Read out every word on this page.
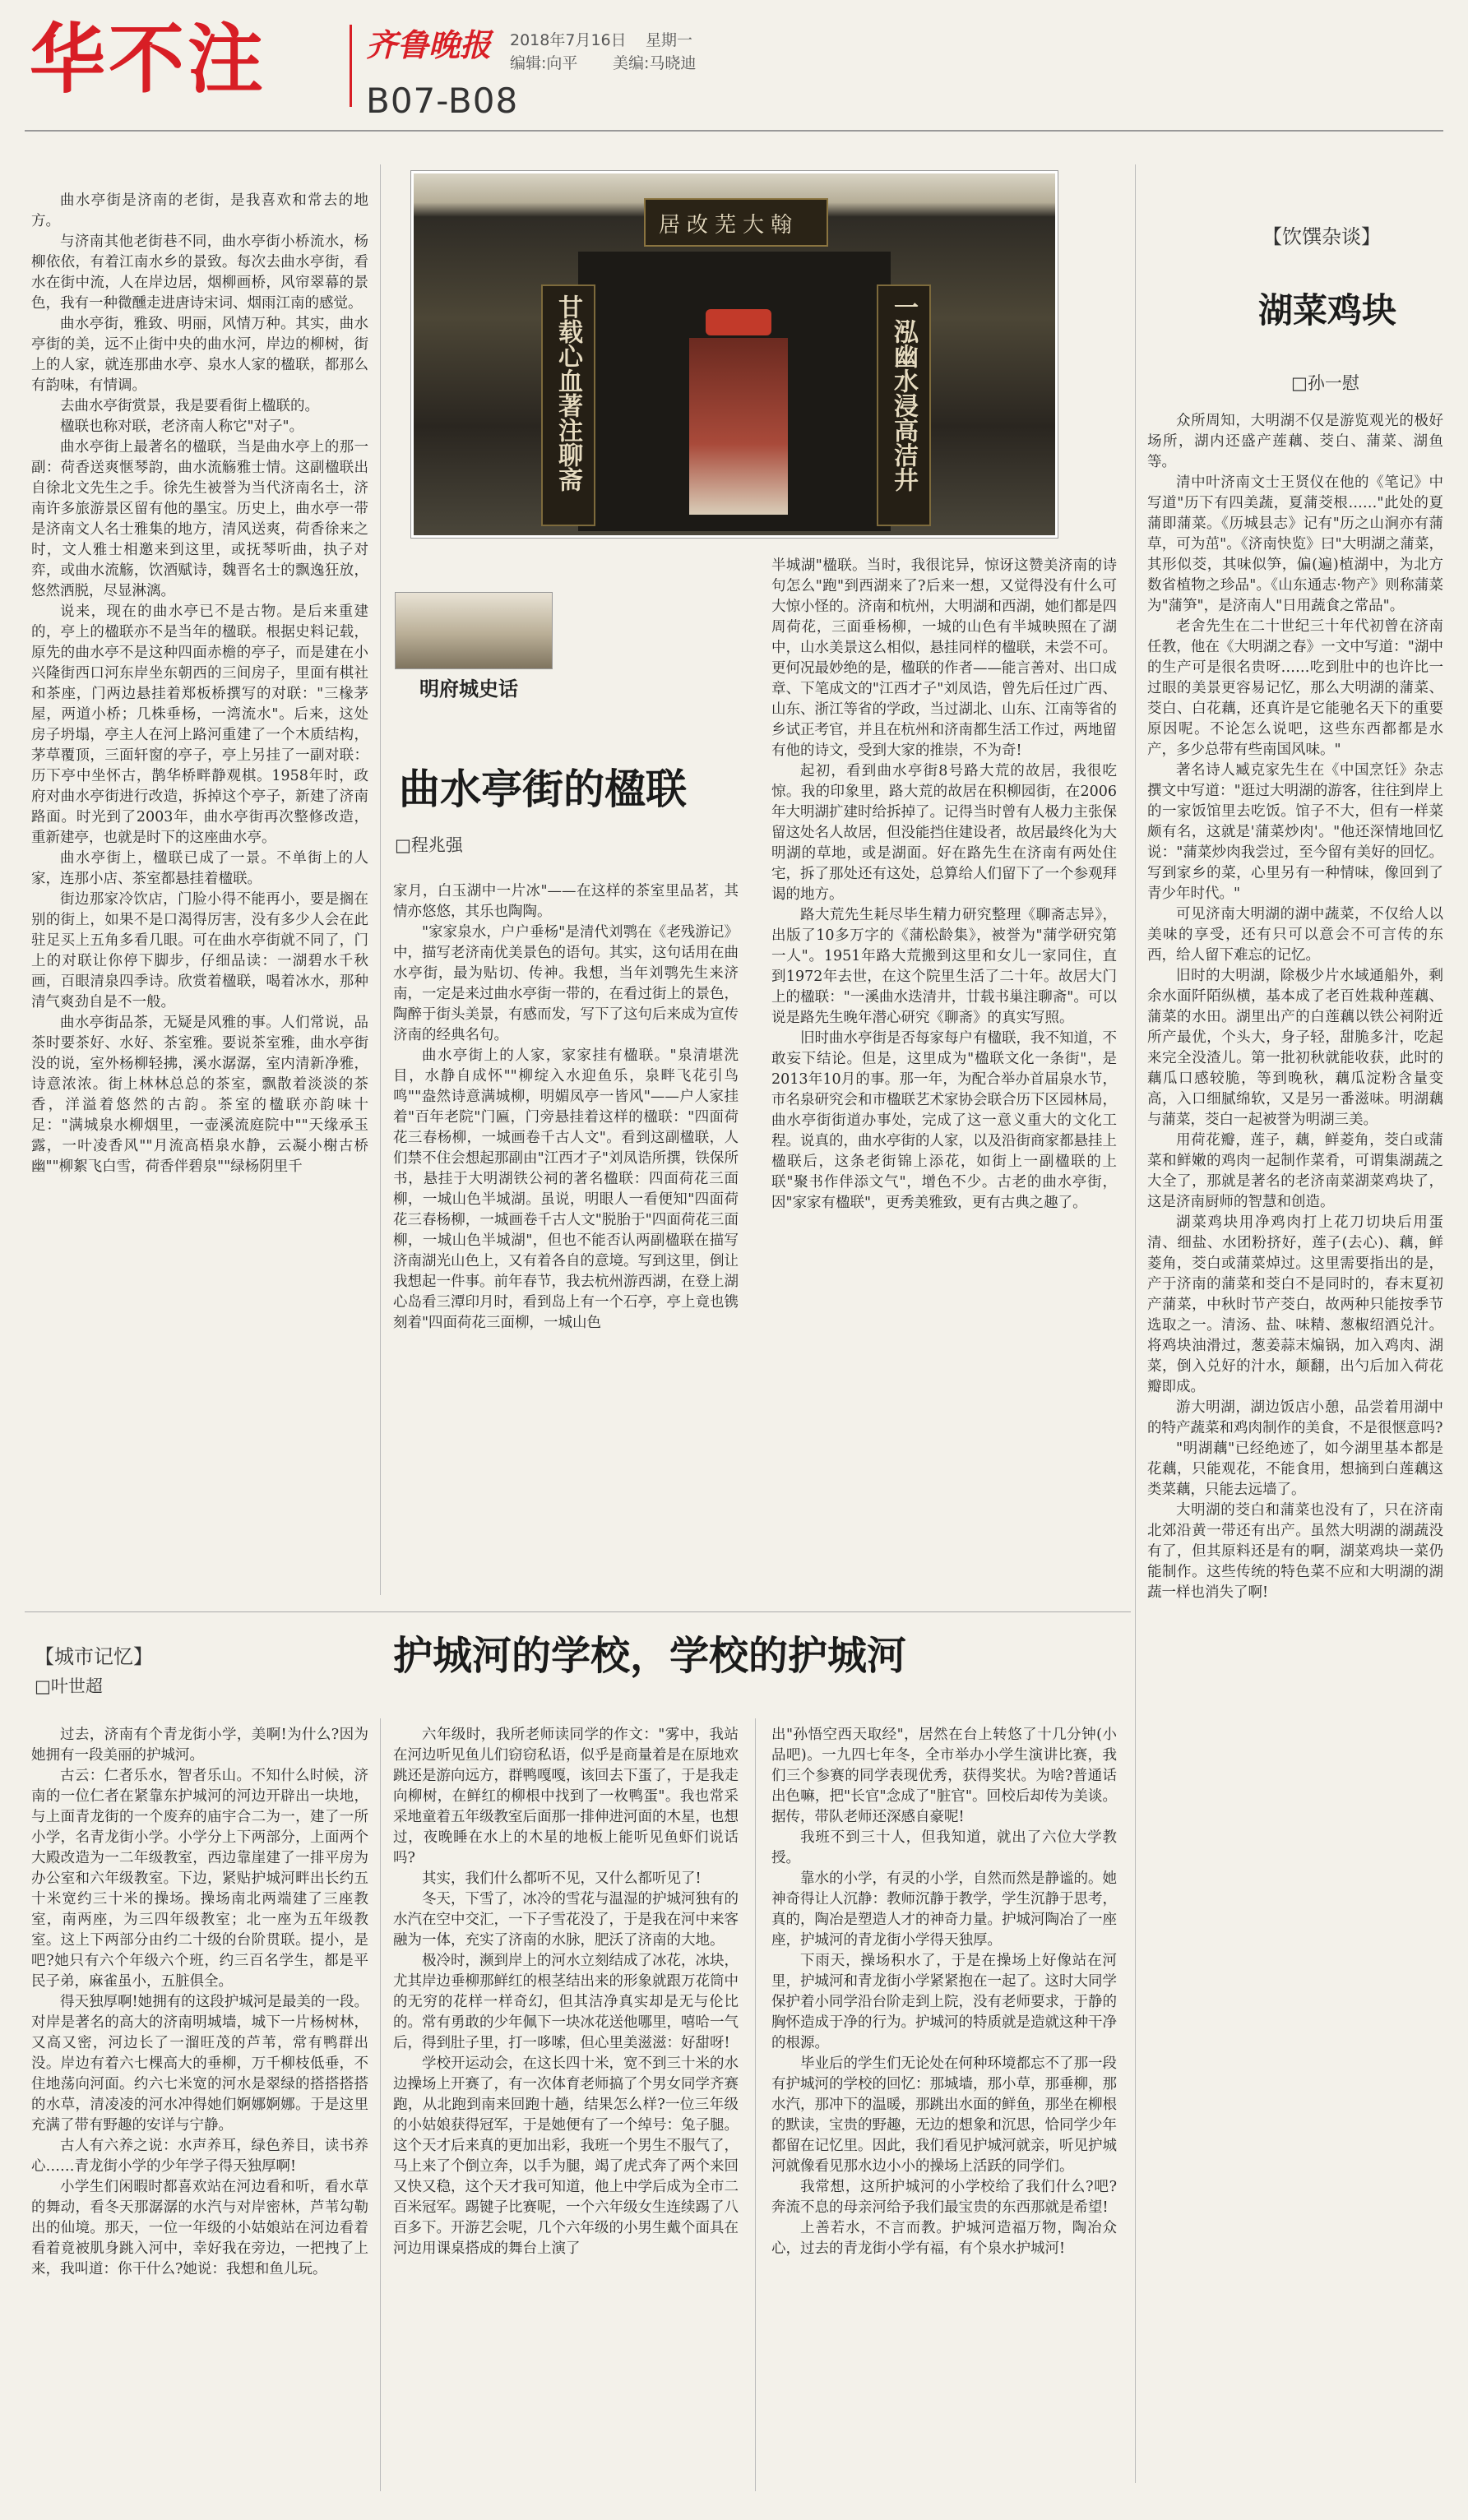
华不注	齐鲁晚报 2018年7月16日 星期一
编辑:向平 美编:马晓迪
B07-B08
居改芜大翰
甘载心血著注聊斋	一泓幽水浸高洁井

曲水亭街是济南的老街，是我喜欢和常去的地方。

与济南其他老街巷不同，曲水亭街小桥流水，杨柳依依，有着江南水乡的景致。每次去曲水亭街，看水在街中流，人在岸边居，烟柳画桥，风帘翠幕的景色，我有一种微醺走进唐诗宋词、烟雨江南的感觉。

曲水亭街，雅致、明丽，风情万种。其实，曲水亭街的美，远不止街中央的曲水河，岸边的柳树，街上的人家，就连那曲水亭、泉水人家的楹联，都那么有韵味，有情调。

去曲水亭街赏景，我是要看街上楹联的。

楹联也称对联，老济南人称它"对子"。

曲水亭街上最著名的楹联，当是曲水亭上的那一副：荷香送爽惬琴韵，曲水流觞雅士情。这副楹联出自徐北文先生之手。徐先生被誉为当代济南名士，济南许多旅游景区留有他的墨宝。历史上，曲水亭一带是济南文人名士雅集的地方，清风送爽，荷香徐来之时，文人雅士相邀来到这里，或抚琴听曲，执子对弈，或曲水流觞，饮酒赋诗，魏晋名士的飘逸狂放，悠然洒脱，尽显淋漓。

说来，现在的曲水亭已不是古物。是后来重建的，亭上的楹联亦不是当年的楹联。根据史料记载，原先的曲水亭不是这种四面赤檐的亭子，而是建在小兴隆街西口河东岸坐东朝西的三间房子，里面有棋社和茶座，门两边悬挂着郑板桥撰写的对联："三椽茅屋，两道小桥；几株垂杨，一湾流水"。后来，这处房子坍塌，亭主人在河上路河重建了一个木质结构，茅草覆顶，三面轩窗的亭子，亭上另挂了一副对联：历下亭中坐怀古，鹊华桥畔静观棋。1958年时，政府对曲水亭街进行改造，拆掉这个亭子，新建了济南路面。时光到了2003年，曲水亭街再次整修改造，重新建亭，也就是时下的这座曲水亭。

曲水亭街上，楹联已成了一景。不单街上的人家，连那小店、茶室都悬挂着楹联。

街边那家冷饮店，门脸小得不能再小，要是搁在别的街上，如果不是口渴得厉害，没有多少人会在此驻足买上五角多看几眼。可在曲水亭街就不同了，门上的对联让你停下脚步，仔细品读：一湖碧水千秋画，百眼清泉四季诗。欣赏着楹联，喝着冰水，那种清气爽劲自是不一般。

曲水亭街品茶，无疑是风雅的事。人们常说，品茶时要茶好、水好、茶室雅。要说茶室雅，曲水亭街没的说，室外杨柳轻拂，溪水潺潺，室内清新净雅，诗意浓浓。街上林林总总的茶室，飘散着淡淡的茶香，洋溢着悠然的古韵。茶室的楹联亦韵味十足："满城泉水柳烟里，一壶溪流庭院中""天缘承玉露，一叶凌香风""月流高梧泉水静，云凝小榭古桥幽""柳絮飞白雪，荷香伴碧泉""绿杨阴里千

明府城史话
曲水亭街的楹联
□程兆强

家月，白玉湖中一片冰"——在这样的茶室里品茗，其情亦悠悠，其乐也陶陶。

"家家泉水，户户垂杨"是清代刘鹗在《老残游记》中，描写老济南优美景色的语句。其实，这句话用在曲水亭街，最为贴切、传神。我想，当年刘鹗先生来济南，一定是来过曲水亭街一带的，在看过街上的景色，陶醉于街头美景，有感而发，写下了这句后来成为宣传济南的经典名句。

曲水亭街上的人家，家家挂有楹联。"泉清堪洗目，水静自成怀""柳绽入水迎鱼乐，泉畔飞花引鸟鸣""盎然诗意满城柳，明媚凤亭一皆风"——户人家挂着"百年老院"门匾，门旁悬挂着这样的楹联："四面荷花三春杨柳，一城画卷千古人文"。看到这副楹联，人们禁不住会想起那副由"江西才子"刘凤诰所撰，铁保所书，悬挂于大明湖铁公祠的著名楹联：四面荷花三面柳，一城山色半城湖。虽说，明眼人一看便知"四面荷花三春杨柳，一城画卷千古人文"脱胎于"四面荷花三面柳，一城山色半城湖"，但也不能否认两副楹联在描写济南湖光山色上，又有着各自的意境。写到这里，倒让我想起一件事。前年春节，我去杭州游西湖，在登上湖心岛看三潭印月时，看到岛上有一个石亭，亭上竟也镌刻着"四面荷花三面柳，一城山色

半城湖"楹联。当时，我很诧异，惊讶这赞美济南的诗句怎么"跑"到西湖来了?后来一想，又觉得没有什么可大惊小怪的。济南和杭州，大明湖和西湖，她们都是四周荷花，三面垂杨柳，一城的山色有半城映照在了湖中，山水美景这么相似，悬挂同样的楹联，未尝不可。更何况最妙绝的是，楹联的作者——能言善对、出口成章、下笔成文的"江西才子"刘凤诰，曾先后任过广西、山东、浙江等省的学政，当过湖北、山东、江南等省的乡试正考官，并且在杭州和济南都生活工作过，两地留有他的诗文，受到大家的推崇，不为奇!

起初，看到曲水亭街8号路大荒的故居，我很吃惊。我的印象里，路大荒的故居在积柳园街，在2006年大明湖扩建时给拆掉了。记得当时曾有人极力主张保留这处名人故居，但没能挡住建设者，故居最终化为大明湖的草地，或是湖面。好在路先生在济南有两处住宅，拆了那处还有这处，总算给人们留下了一个参观拜谒的地方。

路大荒先生耗尽毕生精力研究整理《聊斋志异》，出版了10多万字的《蒲松龄集》，被誉为"蒲学研究第一人"。1951年路大荒搬到这里和女儿一家同住，直到1972年去世，在这个院里生活了二十年。故居大门上的楹联："一溪曲水迭清井，廿载书巢注聊斋"。可以说是路先生晚年潜心研究《聊斋》的真实写照。

旧时曲水亭街是否每家每户有楹联，我不知道，不敢妄下结论。但是，这里成为"楹联文化一条街"，是2013年10月的事。那一年，为配合举办首届泉水节，市名泉研究会和市楹联艺术家协会联合历下区园林局，曲水亭街街道办事处，完成了这一意义重大的文化工程。说真的，曲水亭街的人家，以及沿街商家都悬挂上楹联后，这条老街锦上添花，如街上一副楹联的上联"聚书作伴添文气"，增色不少。古老的曲水亭街，因"家家有楹联"，更秀美雅致，更有古典之趣了。

【饮馔杂谈】
湖菜鸡块
□孙一慰

众所周知，大明湖不仅是游览观光的极好场所，湖内还盛产莲藕、茭白、蒲菜、湖鱼等。

清中叶济南文士王贤仪在他的《笔记》中写道"历下有四美蔬，夏蒲茭根……"此处的夏蒲即蒲菜。《历城县志》记有"历之山涧亦有蒲草，可为茁"。《济南快览》曰"大明湖之蒲菜，其形似茭，其味似笋，偏(遍)植湖中，为北方数省植物之珍品"。《山东通志·物产》则称蒲菜为"蒲笋"，是济南人"日用蔬食之常品"。

老舍先生在二十世纪三十年代初曾在济南任教，他在《大明湖之春》一文中写道："湖中的生产可是很名贵呀……吃到肚中的也许比一过眼的美景更容易记忆，那么大明湖的蒲菜、茭白、白花藕，还真许是它能驰名天下的重要原因呢。不论怎么说吧，这些东西都都是水产，多少总带有些南国风味。"

著名诗人臧克家先生在《中国烹饪》杂志撰文中写道："逛过大明湖的游客，往往到岸上的一家饭馆里去吃饭。馆子不大，但有一样菜颇有名，这就是'蒲菜炒肉'。"他还深情地回忆说："蒲菜炒肉我尝过，至今留有美好的回忆。写到家乡的菜，心里另有一种情味，像回到了青少年时代。"

可见济南大明湖的湖中蔬菜，不仅给人以美味的享受，还有只可以意会不可言传的东西，给人留下难忘的记忆。

旧时的大明湖，除极少片水域通船外，剩余水面阡陌纵横，基本成了老百姓栽种莲藕、蒲菜的水田。湖里出产的白莲藕以铁公祠附近所产最优，个头大，身子轻，甜脆多汁，吃起来完全没渣儿。第一批初秋就能收获，此时的藕瓜口感较脆，等到晚秋，藕瓜淀粉含量变高，入口细腻绵软，又是另一番滋味。明湖藕与蒲菜，茭白一起被誉为明湖三美。

用荷花瓣，莲子，藕，鲜菱角，茭白或蒲菜和鲜嫩的鸡肉一起制作菜肴，可谓集湖蔬之大全了，那就是著名的老济南菜湖菜鸡块了，这是济南厨师的智慧和创造。

湖菜鸡块用净鸡肉打上花刀切块后用蛋清、细盐、水团粉挤好，莲子(去心)、藕，鲜菱角，茭白或蒲菜焯过。这里需要指出的是，产于济南的蒲菜和茭白不是同时的，春末夏初产蒲菜，中秋时节产茭白，故两种只能按季节选取之一。清汤、盐、味精、葱椒绍酒兑汁。将鸡块油滑过，葱姜蒜末煸锅，加入鸡肉、湖菜，倒入兑好的汁水，颠翻，出勺后加入荷花瓣即成。

游大明湖，湖边饭店小憩，品尝着用湖中的特产蔬菜和鸡肉制作的美食，不是很惬意吗?

"明湖藕"已经绝迹了，如今湖里基本都是花藕，只能观花，不能食用，想摘到白莲藕这类菜藕，只能去远墙了。

大明湖的茭白和蒲菜也没有了，只在济南北郊沿黄一带还有出产。虽然大明湖的湖蔬没有了，但其原料还是有的啊，湖菜鸡块一菜仍能制作。这些传统的特色菜不应和大明湖的湖蔬一样也消失了啊!

【城市记忆】
□叶世超
护城河的学校，学校的护城河

过去，济南有个青龙街小学，美啊!为什么?因为她拥有一段美丽的护城河。

古云：仁者乐水，智者乐山。不知什么时候，济南的一位仁者在紧靠东护城河的河边开辟出一块地，与上面青龙街的一个废弃的庙宇合二为一，建了一所小学，名青龙街小学。小学分上下两部分，上面两个大殿改造为一二年级教室，西边靠崖建了一排平房为办公室和六年级教室。下边，紧贴护城河畔出长约五十米宽约三十米的操场。操场南北两端建了三座教室，南两座，为三四年级教室；北一座为五年级教室。这上下两部分由约二十级的台阶贯联。提小，是吧?她只有六个年级六个班，约三百名学生，都是平民子弟，麻雀虽小，五脏俱全。

得天独厚啊!她拥有的这段护城河是最美的一段。对岸是著名的高大的济南明城墙，城下一片杨树林，又高又密，河边长了一溜旺茂的芦苇，常有鸭群出没。岸边有着六七棵高大的垂柳，万千柳枝低垂，不住地荡向河面。约六七米宽的河水是翠绿的搭搭搭搭的水草，清凌凌的河水冲得她们婀娜婀娜。于是这里充满了带有野趣的安详与宁静。

古人有六养之说：水声养耳，绿色养目，读书养心……青龙街小学的少年学子得天独厚啊!

小学生们闲暇时都喜欢站在河边看和听，看水草的舞动，看冬天那潺潺的水汽与对岸密林，芦苇勾勒出的仙境。那天，一位一年级的小姑娘站在河边看着看着竟被肌身跳入河中，幸好我在旁边，一把拽了上来，我叫道：你干什么?她说：我想和鱼儿玩。

六年级时，我所老师读同学的作文："雾中，我站在河边听见鱼儿们窃窃私语，似乎是商量着是在原地欢跳还是游向远方，群鸭嘎嘎，该回去下蛋了，于是我走向柳树，在鲜红的柳根中找到了一枚鸭蛋"。我也常采采地童着五年级教室后面那一排伸进河面的木星，也想过，夜晚睡在水上的木星的地板上能听见鱼虾们说话吗?

其实，我们什么都听不见，又什么都听见了!

冬天，下雪了，冰冷的雪花与温湿的护城河独有的水汽在空中交汇，一下子雪花没了，于是我在河中来客融为一体，充实了济南的水脉，肥沃了济南的大地。

极冷时，濒到岸上的河水立刻结成了冰花，冰块，尤其岸边垂柳那鲜红的根茎结出来的形象就跟万花筒中的无穷的花样一样奇幻，但其洁净真实却是无与伦比的。常有勇敢的少年佩下一块冰花送他哪里，嘻哈一气后，得到肚子里，打一哆嗦，但心里美滋滋：好甜呀!

学校开运动会，在这长四十米，宽不到三十米的水边操场上开赛了，有一次体育老师搞了个男女同学齐赛跑，从北跑到南来回跑十趟，结果怎么样?一位三年级的小姑娘获得冠军，于是她便有了一个绰号：兔子腿。这个天才后来真的更加出彩，我班一个男生不服气了，马上来了个倒立奔，以手为腿，竭了虎式奔了两个来回又快又稳，这个天才我可知道，他上中学后成为全市二百米冠军。踢键子比赛呢，一个六年级女生连续踢了八百多下。开游艺会呢，几个六年级的小男生戴个面具在河边用课桌搭成的舞台上演了

出"孙悟空西天取经"，居然在台上转悠了十几分钟(小品吧)。一九四七年冬，全市举办小学生演讲比赛，我们三个参赛的同学表现优秀，获得奖状。为啥?普通话出色嘛，把"长官"念成了"脏官"。回校后却传为美谈。据传，带队老师还深感自豪呢!

我班不到三十人，但我知道，就出了六位大学教授。

靠水的小学，有灵的小学，自然而然是静谧的。她神奇得让人沉静：教师沉静于教学，学生沉静于思考，真的，陶冶是塑造人才的神奇力量。护城河陶冶了一座座，护城河的青龙街小学得天独厚。

下雨天，操场积水了，于是在操场上好像站在河里，护城河和青龙街小学紧紧抱在一起了。这时大同学保护着小同学沿台阶走到上院，没有老师要求，于静的胸怀造成于净的行为。护城河的特质就是造就这种干净的根源。

毕业后的学生们无论处在何种环境都忘不了那一段有护城河的学校的回忆：那城墙，那小草，那垂柳，那水汽，那冲下的温暖，那跳出水面的鲜鱼，那坐在柳根的默读，宝贵的野趣，无边的想象和沉思，恰同学少年都留在记忆里。因此，我们看见护城河就亲，听见护城河就像看见那水边小小的操场上活跃的同学们。

我常想，这所护城河的小学校给了我们什么?吧?奔流不息的母亲河给予我们最宝贵的东西那就是希望!

上善若水，不言而教。护城河造福万物，陶冶众心，过去的青龙街小学有福，有个泉水护城河!
